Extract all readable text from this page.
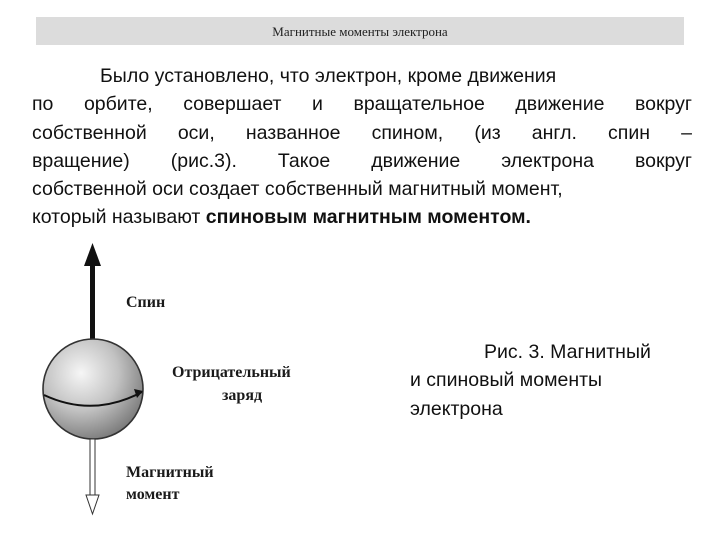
Магнитные моменты электрона
Было установлено, что электрон, кроме движения
по орбите, совершает и вращательное движение вокруг
собственной оси, названное спином, (из англ. спин –
вращение) (рис.3). Такое движение электрона вокруг
собственной оси создает собственный магнитный момент,
который называют спиновым магнитным моментом.
Спин
Отрицательный
заряд
Магнитный
момент
Рис. 3. Магнитный
и спиновый моменты
электрона
